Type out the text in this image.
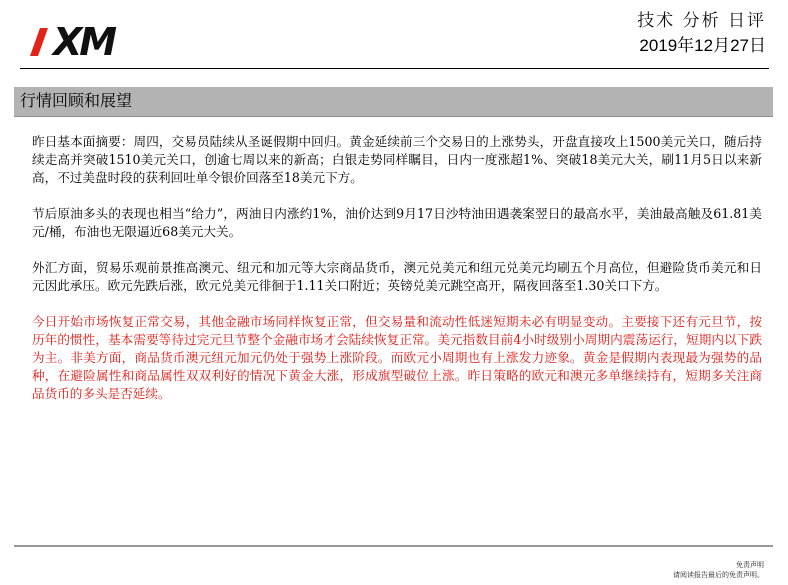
XM	技术 分析 日评
2019年12月27日
行情回顾和展望

昨日基本面摘要：周四，交易员陆续从圣诞假期中回归。黄金延续前三个交易日的上涨势头，开盘直接攻上1500美元关口，随后持续走高并突破1510美元关口，创逾七周以来的新高；白银走势同样瞩目，日内一度涨超1%、突破18美元大关，刷11月5日以来新高，不过美盘时段的获利回吐单令银价回落至18美元下方。

节后原油多头的表现也相当“给力”，两油日内涨约1%，油价达到9月17日沙特油田遇袭案翌日的最高水平，美油最高触及61.81美元/桶，布油也无限逼近68美元大关。

外汇方面，贸易乐观前景推高澳元、纽元和加元等大宗商品货币，澳元兑美元和纽元兑美元均刷五个月高位，但避险货币美元和日元因此承压。欧元先跌后涨，欧元兑美元徘徊于1.11关口附近；英镑兑美元跳空高开，隔夜回落至1.30关口下方。

今日开始市场恢复正常交易，其他金融市场同样恢复正常，但交易量和流动性低迷短期未必有明显变动。主要接下还有元旦节，按历年的惯性，基本需要等待过完元旦节整个金融市场才会陆续恢复正常。美元指数目前4小时级别小周期内震荡运行，短期内以下跌为主。非美方面，商品货币澳元纽元加元仍处于强势上涨阶段。而欧元小周期也有上涨发力迹象。黄金是假期内表现最为强势的品种，在避险属性和商品属性双双利好的情况下黄金大涨，形成旗型破位上涨。昨日策略的欧元和澳元多单继续持有，短期多关注商品货币的多头是否延续。

免责声明
请阅读报告最后的免责声明。
